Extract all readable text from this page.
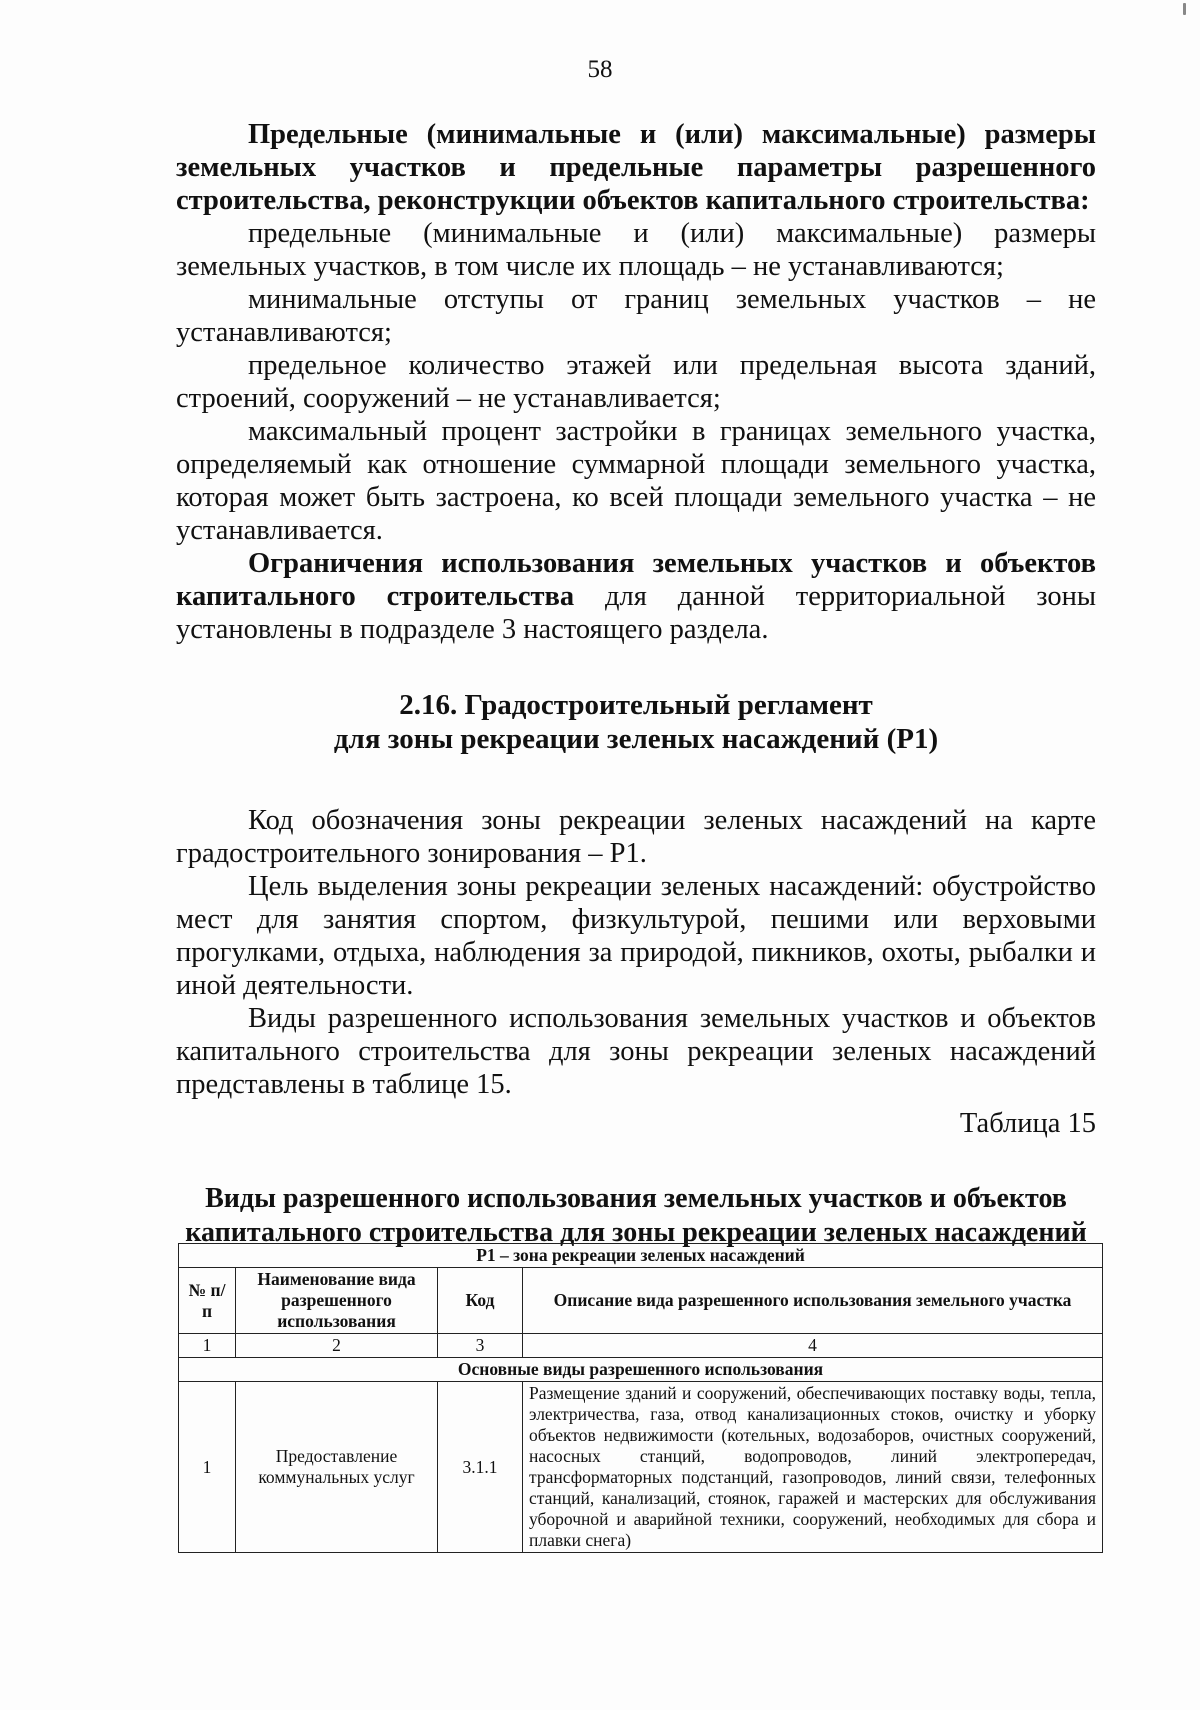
58

Предельные (минимальные и (или) максимальные) размеры земельных участков и предельные параметры разрешенного строительства, реконструкции объектов капитального строительства:

предельные (минимальные и (или) максимальные) размеры земельных участков, в том числе их площадь – не устанавливаются;

минимальные отступы от границ земельных участков – не устанавливаются;

предельное количество этажей или предельная высота зданий, строений, сооружений – не устанавливается;

максимальный процент застройки в границах земельного участка, определяемый как отношение суммарной площади земельного участка, которая может быть застроена, ко всей площади земельного участка – не устанавливается.

Ограничения использования земельных участков и объектов капитального строительства для данной территориальной зоны установлены в подразделе 3 настоящего раздела.

2.16. Градостроительный регламент
для зоны рекреации зеленых насаждений (Р1)

Код обозначения зоны рекреации зеленых насаждений на карте градостроительного зонирования – Р1.

Цель выделения зоны рекреации зеленых насаждений: обустройство мест для занятия спортом, физкультурой, пешими или верховыми прогулками, отдыха, наблюдения за природой, пикников, охоты, рыбалки и иной деятельности.

Виды разрешенного использования земельных участков и объектов капитального строительства для зоны рекреации зеленых насаждений представлены в таблице 15.

Таблица 15

Виды разрешенного использования земельных участков и объектов
капитального строительства для зоны рекреации зеленых насаждений
Р1 – зона рекреации зеленых насаждений			
№ п/п	Наименование вида разрешенного использования	Код	Описание вида разрешенного использования земельного участка
1	2	3	4
Основные виды разрешенного использования			
1	Предоставление коммунальных услуг	3.1.1	Размещение зданий и сооружений, обеспечивающих поставку воды, тепла, электричества, газа, отвод канализационных стоков, очистку и уборку объектов недвижимости (котельных, водозаборов, очистных сооружений, насосных станций, водопроводов, линий электропередач, трансформаторных подстанций, газопроводов, линий связи, телефонных станций, канализаций, стоянок, гаражей и мастерских для обслуживания уборочной и аварийной техники, сооружений, необходимых для сбора и плавки снега)
